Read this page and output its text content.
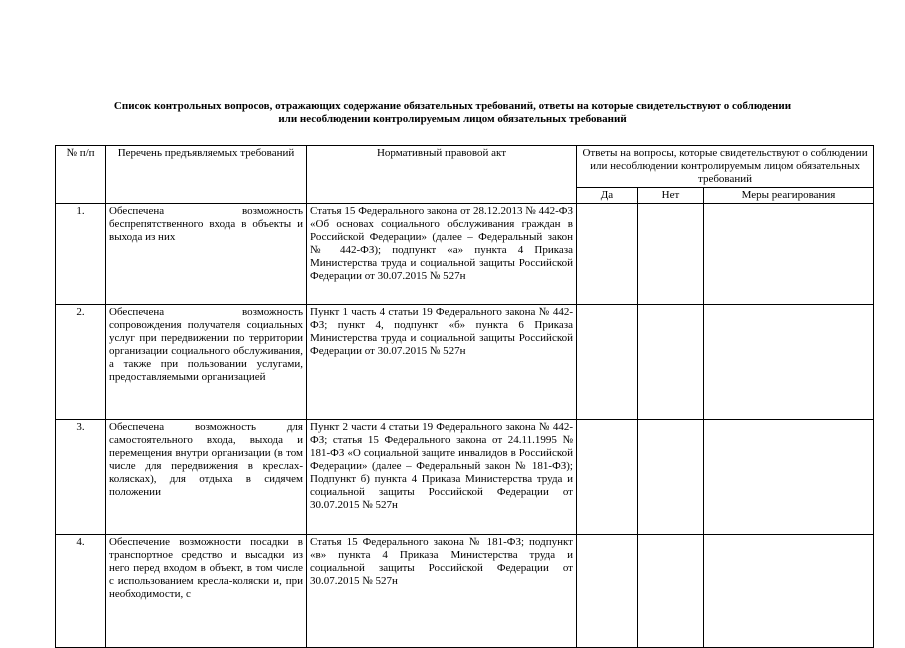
Список контрольных вопросов, отражающих содержание обязательных требований, ответы на которые свидетельствуют о соблюдении
или несоблюдении контролируемым лицом обязательных требований
№ п/п	Перечень предъявляемых требований	Нормативный правовой акт	Ответы на вопросы, которые свидетельствуют о соблюдении или несоблюдении контролируемым лицом обязательных требований		
			Да	Нет	Меры реагирования
1.	Обеспечена возможность беспрепятственного входа в объекты и выхода из них	Статья 15 Федерального закона от 28.12.2013 № 442-ФЗ «Об основах социального обслуживания граждан в Российской Федерации» (далее – Федеральный закон № 442-ФЗ); подпункт «а» пункта 4 Приказа Министерства труда и социальной защиты Российской Федерации от 30.07.2015 № 527н			
2.	Обеспечена возможность сопровождения получателя социальных услуг при передвижении по территории организации социального обслуживания, а также при пользовании услугами, предоставляемыми организацией	Пункт 1 часть 4 статьи 19 Федерального закона № 442-ФЗ; пункт 4, подпункт «б» пункта 6 Приказа Министерства труда и социальной защиты Российской Федерации от 30.07.2015 № 527н			
3.	Обеспечена возможность для самостоятельного входа, выхода и перемещения внутри организации (в том числе для передвижения в креслах-колясках), для отдыха в сидячем положении	Пункт 2 части 4 статьи 19 Федерального закона № 442-ФЗ; статья 15 Федерального закона от 24.11.1995 № 181-ФЗ «О социальной защите инвалидов в Российской Федерации» (далее – Федеральный закон № 181-ФЗ); Подпункт б) пункта 4 Приказа Министерства труда и социальной защиты Российской Федерации от 30.07.2015 № 527н			
4.	Обеспечение возможности посадки в транспортное средство и высадки из него перед входом в объект, в том числе с использованием кресла-коляски и, при необходимости, с	Статья 15 Федерального закона № 181-ФЗ; подпункт «в» пункта 4 Приказа Министерства труда и социальной защиты Российской Федерации от 30.07.2015 № 527н			
